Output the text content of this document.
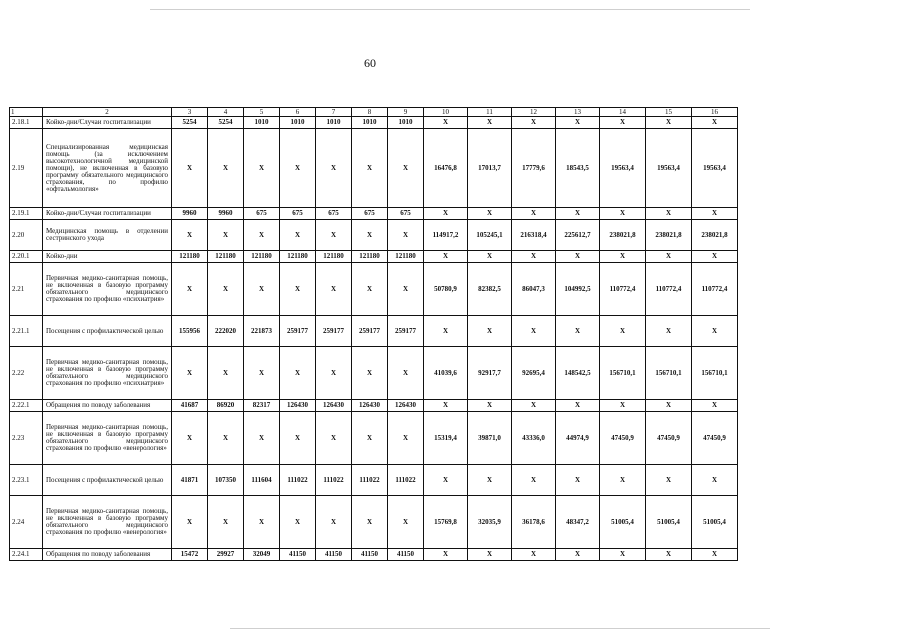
60
1	2	3	4	5	6	7	8	9	10	11	12	13	14	15	16
2.18.1	Койко-дни/Случаи госпитализации	5254	5254	1010	1010	1010	1010	1010	X	X	X	X	X	X	X
2.19	Специализированная медицинская помощь (за исключением высокотехнологичной медицинской помощи), не включенная в базовую программу обязательного медицинского страхования, по профилю «офтальмология»	X	X	X	X	X	X	X	16476,8	17013,7	17779,6	18543,5	19563,4	19563,4	19563,4
2.19.1	Койко-дни/Случаи госпитализации	9960	9960	675	675	675	675	675	X	X	X	X	X	X	X
2.20	Медицинская помощь в отделении сестринского ухода	X	X	X	X	X	X	X	114917,2	105245,1	216318,4	225612,7	238021,8	238021,8	238021,8
2.20.1	Койко-дни	121180	121180	121180	121180	121180	121180	121180	X	X	X	X	X	X	X
2.21	Первичная медико-санитарная помощь, не включенная в базовую программу обязательного медицинского страхования по профилю «психиатрия»	X	X	X	X	X	X	X	50780,9	82382,5	86047,3	104992,5	110772,4	110772,4	110772,4
2.21.1	Посещения с профилактической целью	155956	222020	221873	259177	259177	259177	259177	X	X	X	X	X	X	X
2.22	Первичная медико-санитарная помощь, не включенная в базовую программу обязательного медицинского страхования по профилю «психиатрия»	X	X	X	X	X	X	X	41039,6	92917,7	92695,4	148542,5	156710,1	156710,1	156710,1
2.22.1	Обращения по поводу заболевания	41687	86920	82317	126430	126430	126430	126430	X	X	X	X	X	X	X
2.23	Первичная медико-санитарная помощь, не включенная в базовую программу обязательного медицинского страхования по профилю «венерология»	X	X	X	X	X	X	X	15319,4	39871,0	43336,0	44974,9	47450,9	47450,9	47450,9
2.23.1	Посещения с профилактической целью	41871	107350	111604	111022	111022	111022	111022	X	X	X	X	X	X	X
2.24	Первичная медико-санитарная помощь, не включенная в базовую программу обязательного медицинского страхования по профилю «венерология»	X	X	X	X	X	X	X	15769,8	32035,9	36178,6	48347,2	51005,4	51005,4	51005,4
2.24.1	Обращения по поводу заболевания	15472	29927	32049	41150	41150	41150	41150	X	X	X	X	X	X	X
